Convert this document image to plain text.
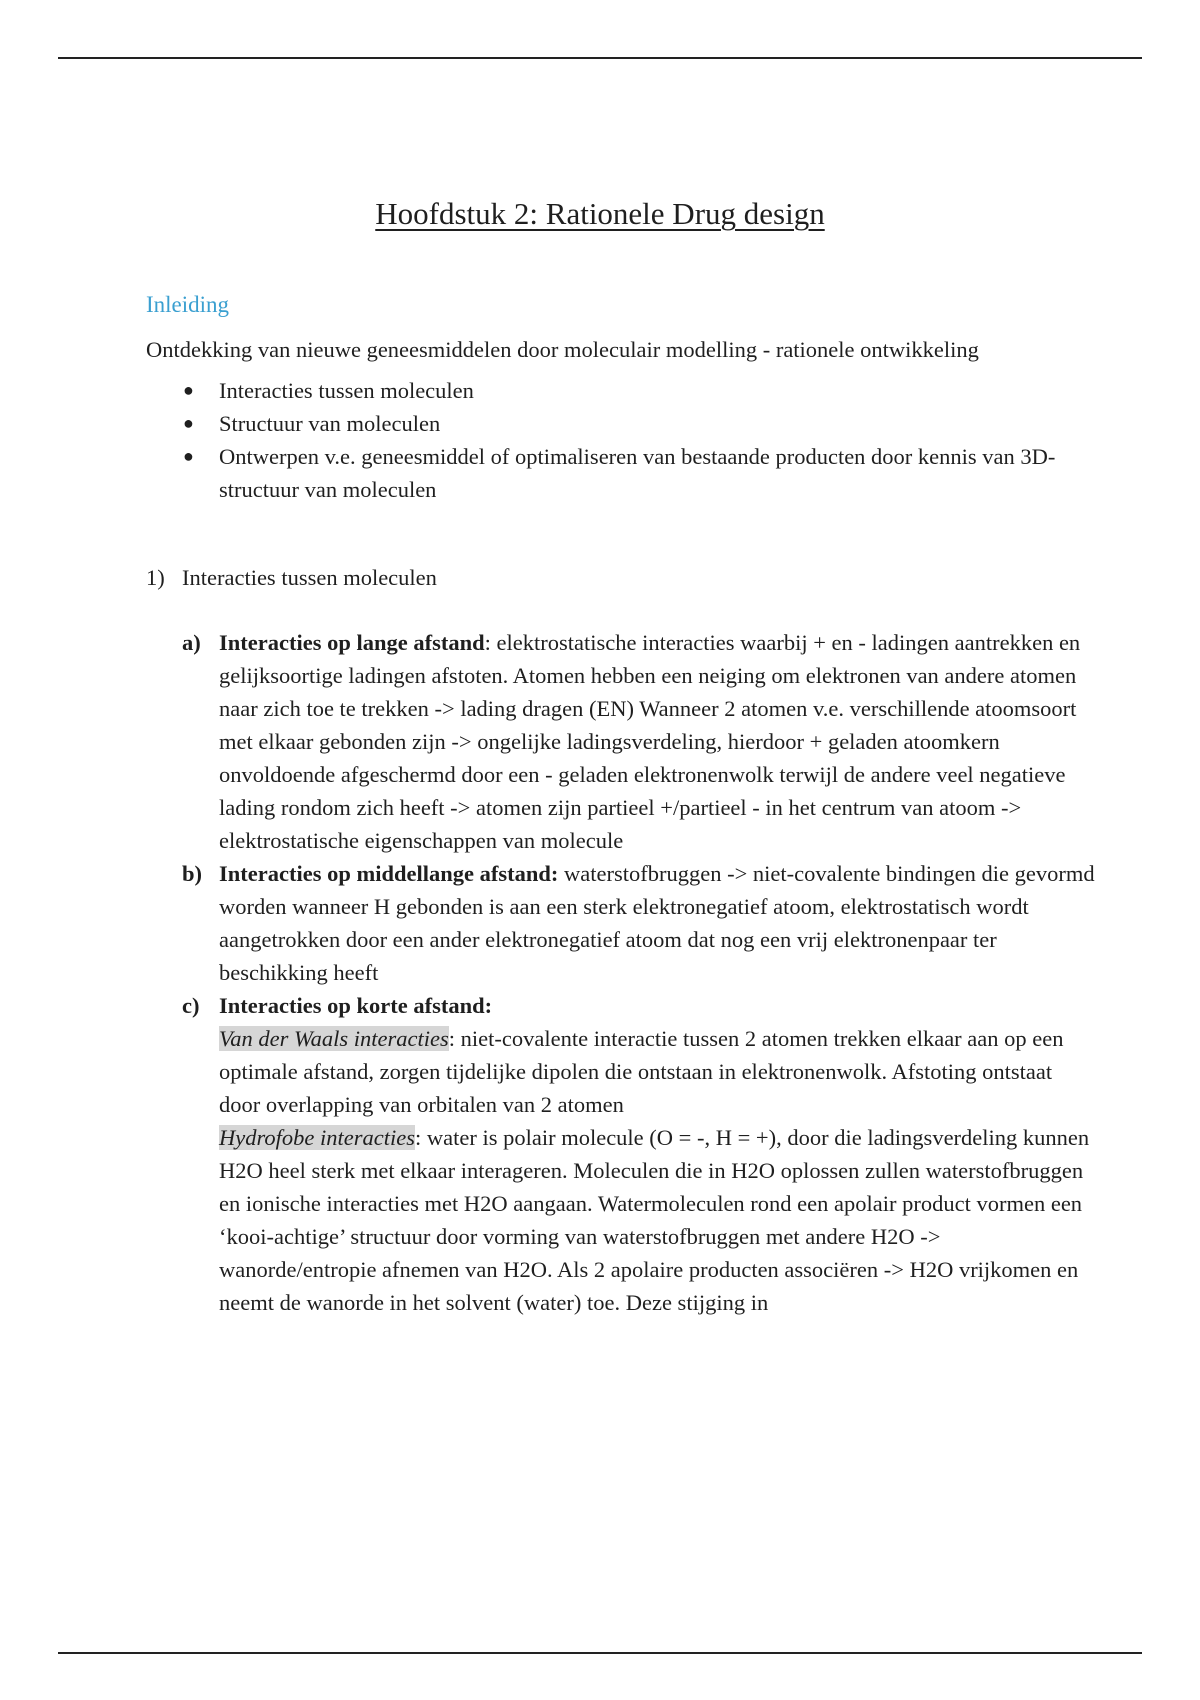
Hoofdstuk 2: Rationele Drug design

Inleiding

Ontdekking van nieuwe geneesmiddelen door moleculair modelling - rationele ontwikkeling

● Interacties tussen moleculen
● Structuur van moleculen
● Ontwerpen v.e. geneesmiddel of optimaliseren van bestaande producten door kennis van 3D-structuur van moleculen
1) Interacties tussen moleculen
a) Interacties op lange afstand: elektrostatische interacties waarbij + en - ladingen aantrekken en gelijksoortige ladingen afstoten. Atomen hebben een neiging om elektronen van andere atomen naar zich toe te trekken -> lading dragen (EN) Wanneer 2 atomen v.e. verschillende atoomsoort met elkaar gebonden zijn -> ongelijke ladingsverdeling, hierdoor + geladen atoomkern onvoldoende afgeschermd door een - geladen elektronenwolk terwijl de andere veel negatieve lading rondom zich heeft -> atomen zijn partieel +/partieel - in het centrum van atoom -> elektrostatische eigenschappen van molecule
b) Interacties op middellange afstand: waterstofbruggen -> niet-covalente bindingen die gevormd worden wanneer H gebonden is aan een sterk elektronegatief atoom, elektrostatisch wordt aangetrokken door een ander elektronegatief atoom dat nog een vrij elektronenpaar ter beschikking heeft
c) Interacties op korte afstand:
Van der Waals interacties: niet-covalente interactie tussen 2 atomen trekken elkaar aan op een optimale afstand, zorgen tijdelijke dipolen die ontstaan in elektronenwolk. Afstoting ontstaat door overlapping van orbitalen van 2 atomen
Hydrofobe interacties: water is polair molecule (O = -, H = +), door die ladingsverdeling kunnen H2O heel sterk met elkaar interageren. Moleculen die in H2O oplossen zullen waterstofbruggen en ionische interacties met H2O aangaan. Watermoleculen rond een apolair product vormen een ‘kooi-achtige’ structuur door vorming van waterstofbruggen met andere H2O -> wanorde/entropie afnemen van H2O. Als 2 apolaire producten associëren -> H2O vrijkomen en neemt de wanorde in het solvent (water) toe. Deze stijging in
